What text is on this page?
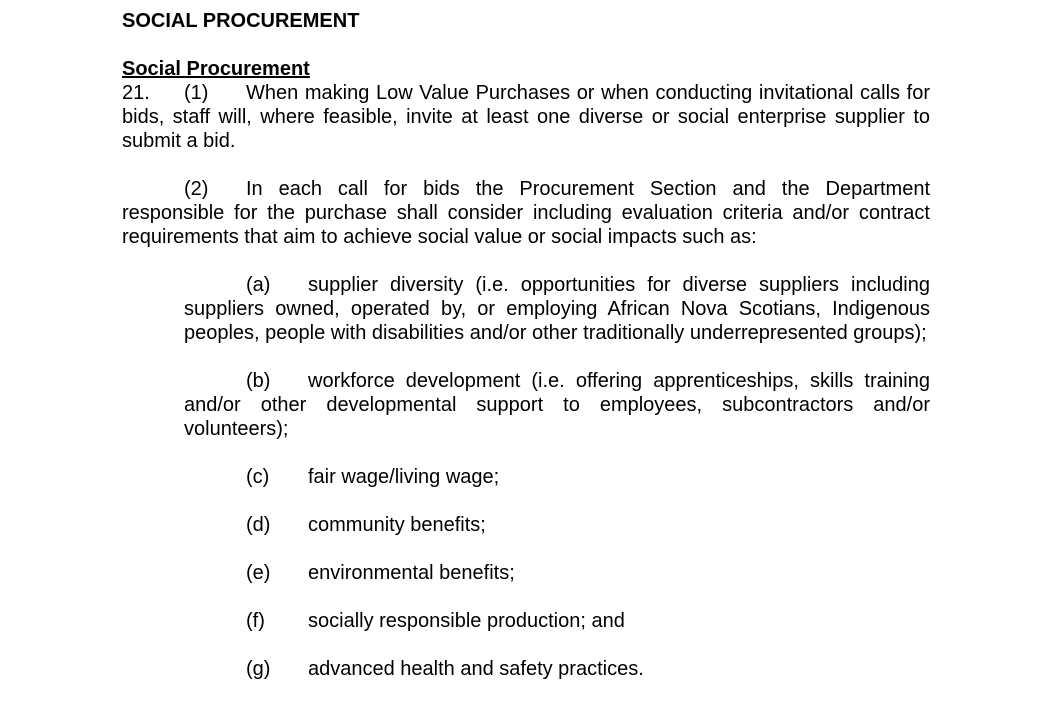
SOCIAL PROCUREMENT
Social Procurement

21. (1) When making Low Value Purchases or when conducting invitational calls for bids, staff will, where feasible, invite at least one diverse or social enterprise supplier to submit a bid.

(2) In each call for bids the Procurement Section and the Department responsible for the purchase shall consider including evaluation criteria and/or contract requirements that aim to achieve social value or social impacts such as:

(a) supplier diversity (i.e. opportunities for diverse suppliers including suppliers owned, operated by, or employing African Nova Scotians, Indigenous peoples, people with disabilities and/or other traditionally underrepresented groups);

(b) workforce development (i.e. offering apprenticeships, skills training and/or other developmental support to employees, subcontractors and/or volunteers);

(c) fair wage/living wage;
(d) community benefits;
(e) environmental benefits;
(f) socially responsible production; and
(g) advanced health and safety practices.
